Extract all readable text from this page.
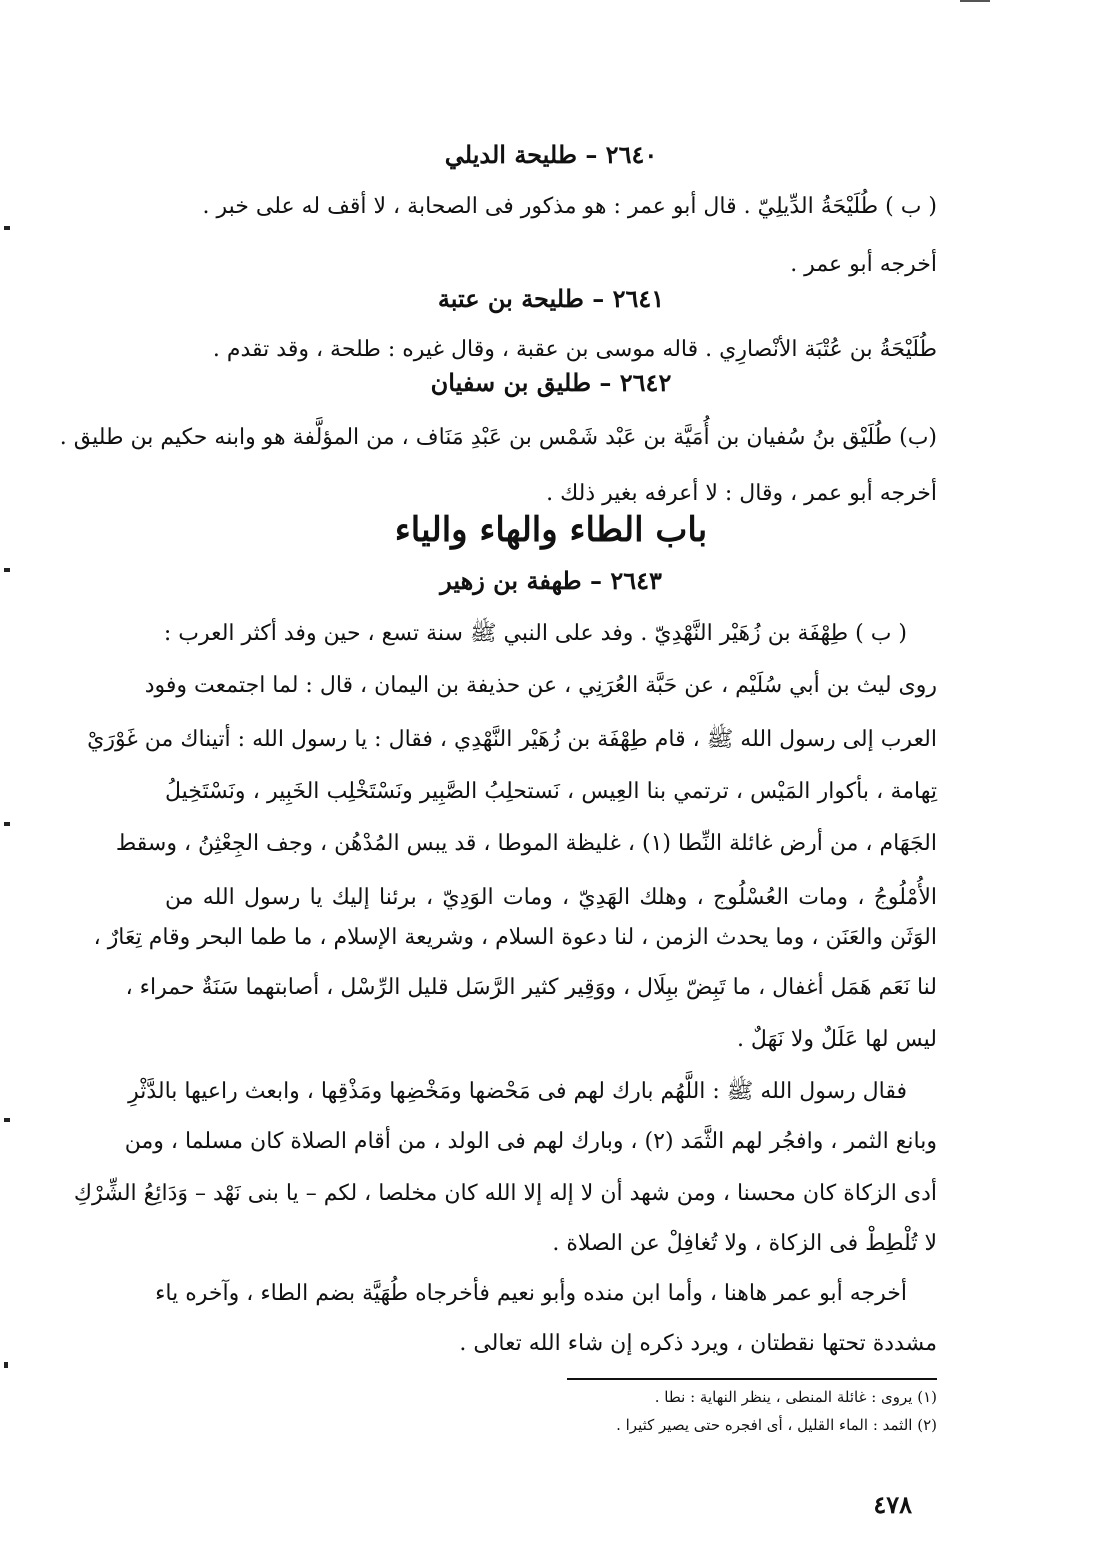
٢٦٤٠ – طليحة الديلي
( ب ) طُلَيْحَةُ الدِّيلِيّ . قال أبو عمر : هو مذكور فى الصحابة ، لا أقف له على خبر .
أخرجه أبو عمر .
٢٦٤١ – طليحة بن عتبة
طُلَيْحَةُ بن عُتْبَة الأنْصارِي . قاله موسى بن عقبة ، وقال غيره : طلحة ، وقد تقدم .
٢٦٤٢ – طليق بن سفيان
(ب) طُلَيْق بنُ سُفيان بن أُمَيَّة بن عَبْد شَمْس بن عَبْدِ مَنَاف ، من المؤلَّفة هو وابنه حكيم بن طليق .
أخرجه أبو عمر ، وقال : لا أعرفه بغير ذلك .
باب الطاء والهاء والياء
٢٦٤٣ – طهفة بن زهير
( ب ) طِهْفَة بن زُهَيْر النَّهْدِيّ . وفد على النبي ﷺ سنة تسع ، حين وفد أكثر العرب :
روى ليث بن أبي سُلَيْم ، عن حَبَّة العُرَنِي ، عن حذيفة بن اليمان ، قال : لما اجتمعت وفود
العرب إلى رسول الله ﷺ ، قام طِهْفَة بن زُهَيْر النَّهْدِي ، فقال : يا رسول الله : أتيناك من غَوْرَيْ
تِهامة ، بأكوار المَيْس ، ترتمي بنا العِيس ، نَستحلِبُ الصَّبِير ونَسْتَخْلِب الخَبِير ، ونَسْتَخِيلُ
الجَهَام ، من أرض غائلة النِّطا (١) ، غليظة الموطا ، قد يبس المُدْهُن ، وجف الجِعْثِنُ ، وسقط
الأُمْلُوجُ ، ومات العُسْلُوج ، وهلك الهَدِيّ ، ومات الوَدِيّ ، برئنا إليك يا رسول الله من
الوَثَن والعَنَن ، وما يحدث الزمن ، لنا دعوة السلام ، وشريعة الإسلام ، ما طما البحر وقام تِعَارٌ ،
لنا نَعَم هَمَل أغفال ، ما تَبِضّ ببِلَال ، ووَقِير كثير الرَّسَل قليل الرِّسْل ، أصابتهما سَنَةٌ حمراء ،
ليس لها عَلَلٌ ولا نَهَلٌ .
فقال رسول الله ﷺ : اللَّهُم بارك لهم فى مَحْضها ومَخْضِها ومَذْقِها ، وابعث راعيها بالدَّثْرِ
وبانع الثمر ، وافجُر لهم الثَّمَد (٢) ، وبارك لهم فى الولد ، من أقام الصلاة كان مسلما ، ومن
أدى الزكاة كان محسنا ، ومن شهد أن لا إله إلا الله كان مخلصا ، لكم – يا بنى نَهْد – وَدَائِعُ الشِّرْكِ
لا تُلْطِطْ فى الزكاة ، ولا تُغافِلْ عن الصلاة .
أخرجه أبو عمر هاهنا ، وأما ابن منده وأبو نعيم فأخرجاه طُهَيَّة بضم الطاء ، وآخره ياء
مشددة تحتها نقطتان ، ويرد ذكره إن شاء الله تعالى .
(١) يروى : غائلة المنطى ، ينظر النهاية : نطا .
(٢) الثمد : الماء القليل ، أى افجره حتى يصير كثيرا .
٤٧٨
